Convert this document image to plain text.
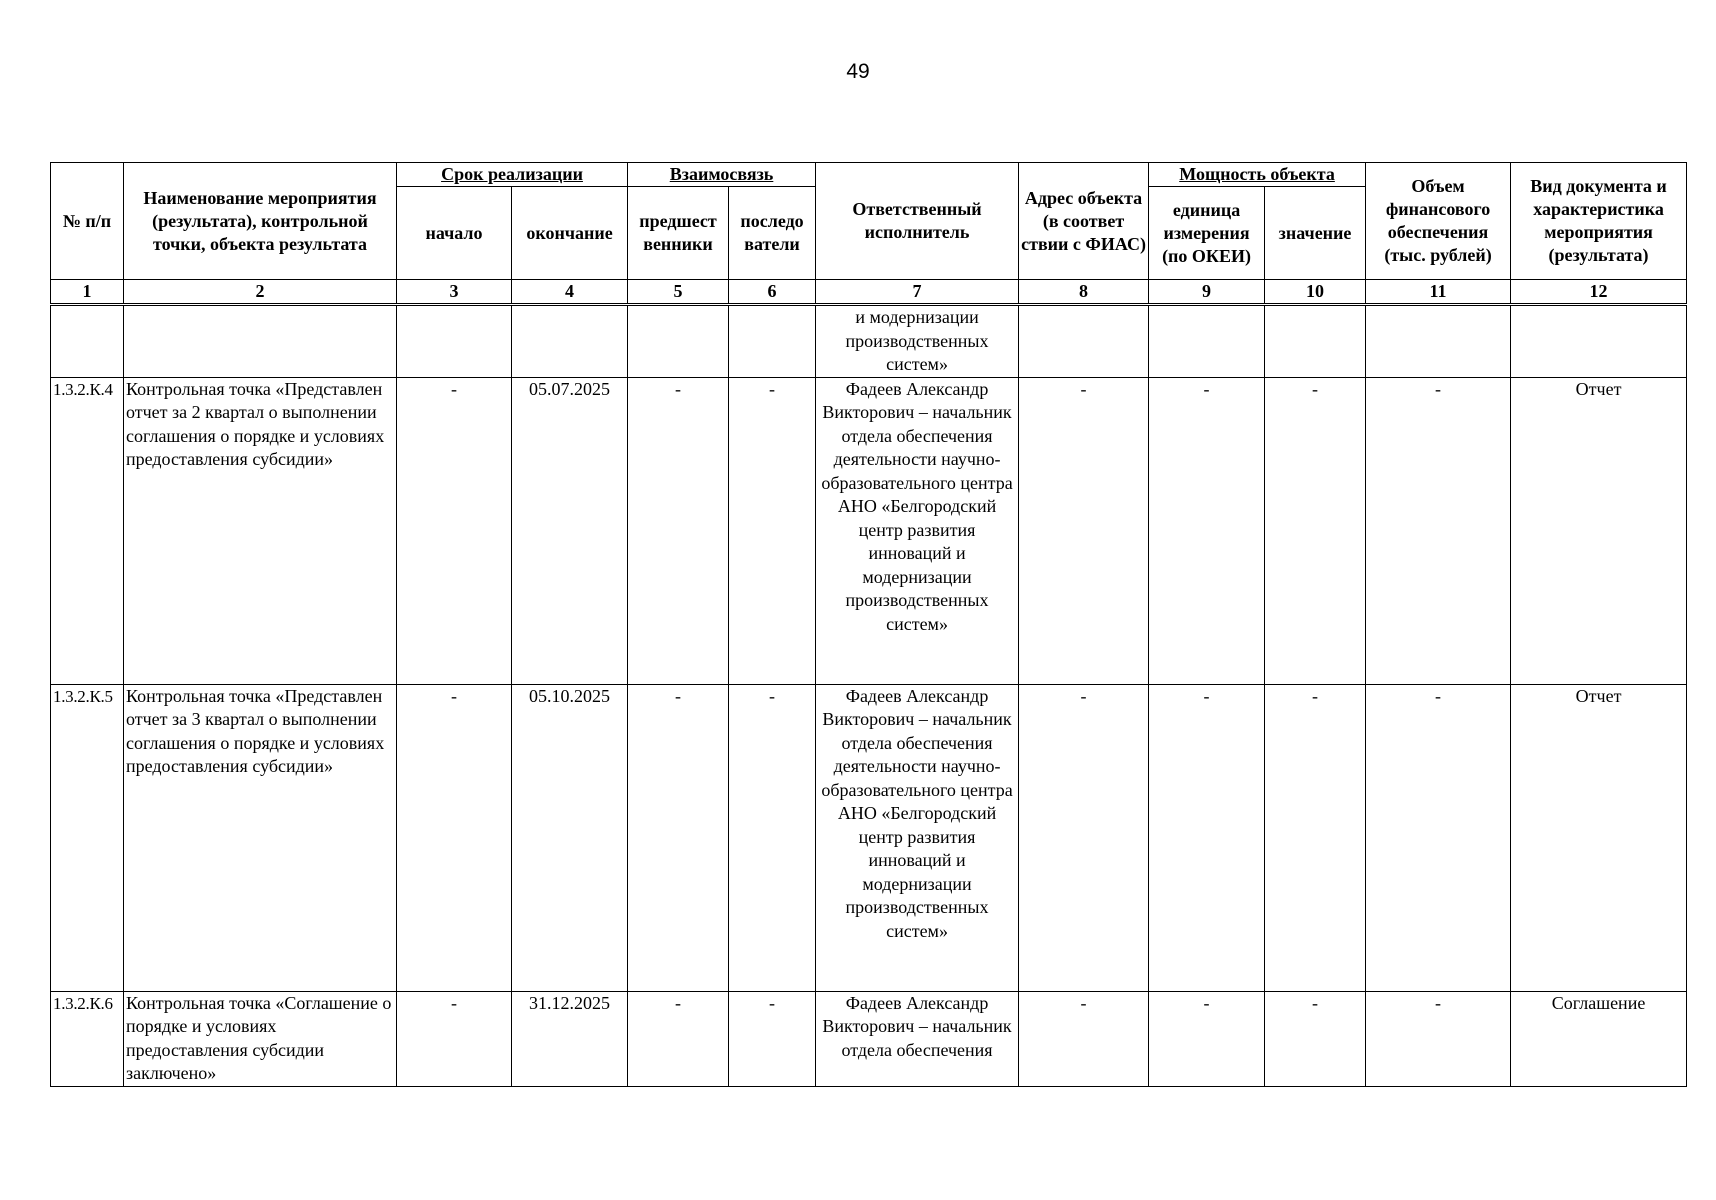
49
№ п/п	Наименование мероприятия (результата), контрольной точки, объекта результата	Срок реализации		Взаимосвязь		Ответственный исполнитель	Адрес объекта (в соответ ствии с ФИАС)	Мощность объекта		Объем финансового обеспечения (тыс. рублей)	Вид документа и характеристика мероприятия (результата)
		начало	окончание	предшест венники	последо ватели			единица измерения (по ОКЕИ)	значение		
1	2	3	4	5	6	7	8	9	10	11	12
						и модернизации производственных систем»					
1.3.2.К.4	Контрольная точка «Представлен отчет за 2 квартал о выполнении соглашения о порядке и условиях предоставления субсидии»	-	05.07.2025	-	-	Фадеев Александр Викторович – начальник отдела обеспечения деятельности научно-образовательного центра АНО «Белгородский центр развития инноваций и модернизации производственных систем»	-	-	-	-	Отчет
1.3.2.К.5	Контрольная точка «Представлен отчет за 3 квартал о выполнении соглашения о порядке и условиях предоставления субсидии»	-	05.10.2025	-	-	Фадеев Александр Викторович – начальник отдела обеспечения деятельности научно-образовательного центра АНО «Белгородский центр развития инноваций и модернизации производственных систем»	-	-	-	-	Отчет
1.3.2.К.6	Контрольная точка «Соглашение о порядке и условиях предоставления субсидии заключено»	-	31.12.2025	-	-	Фадеев Александр Викторович – начальник отдела обеспечения	-	-	-	-	Соглашение
